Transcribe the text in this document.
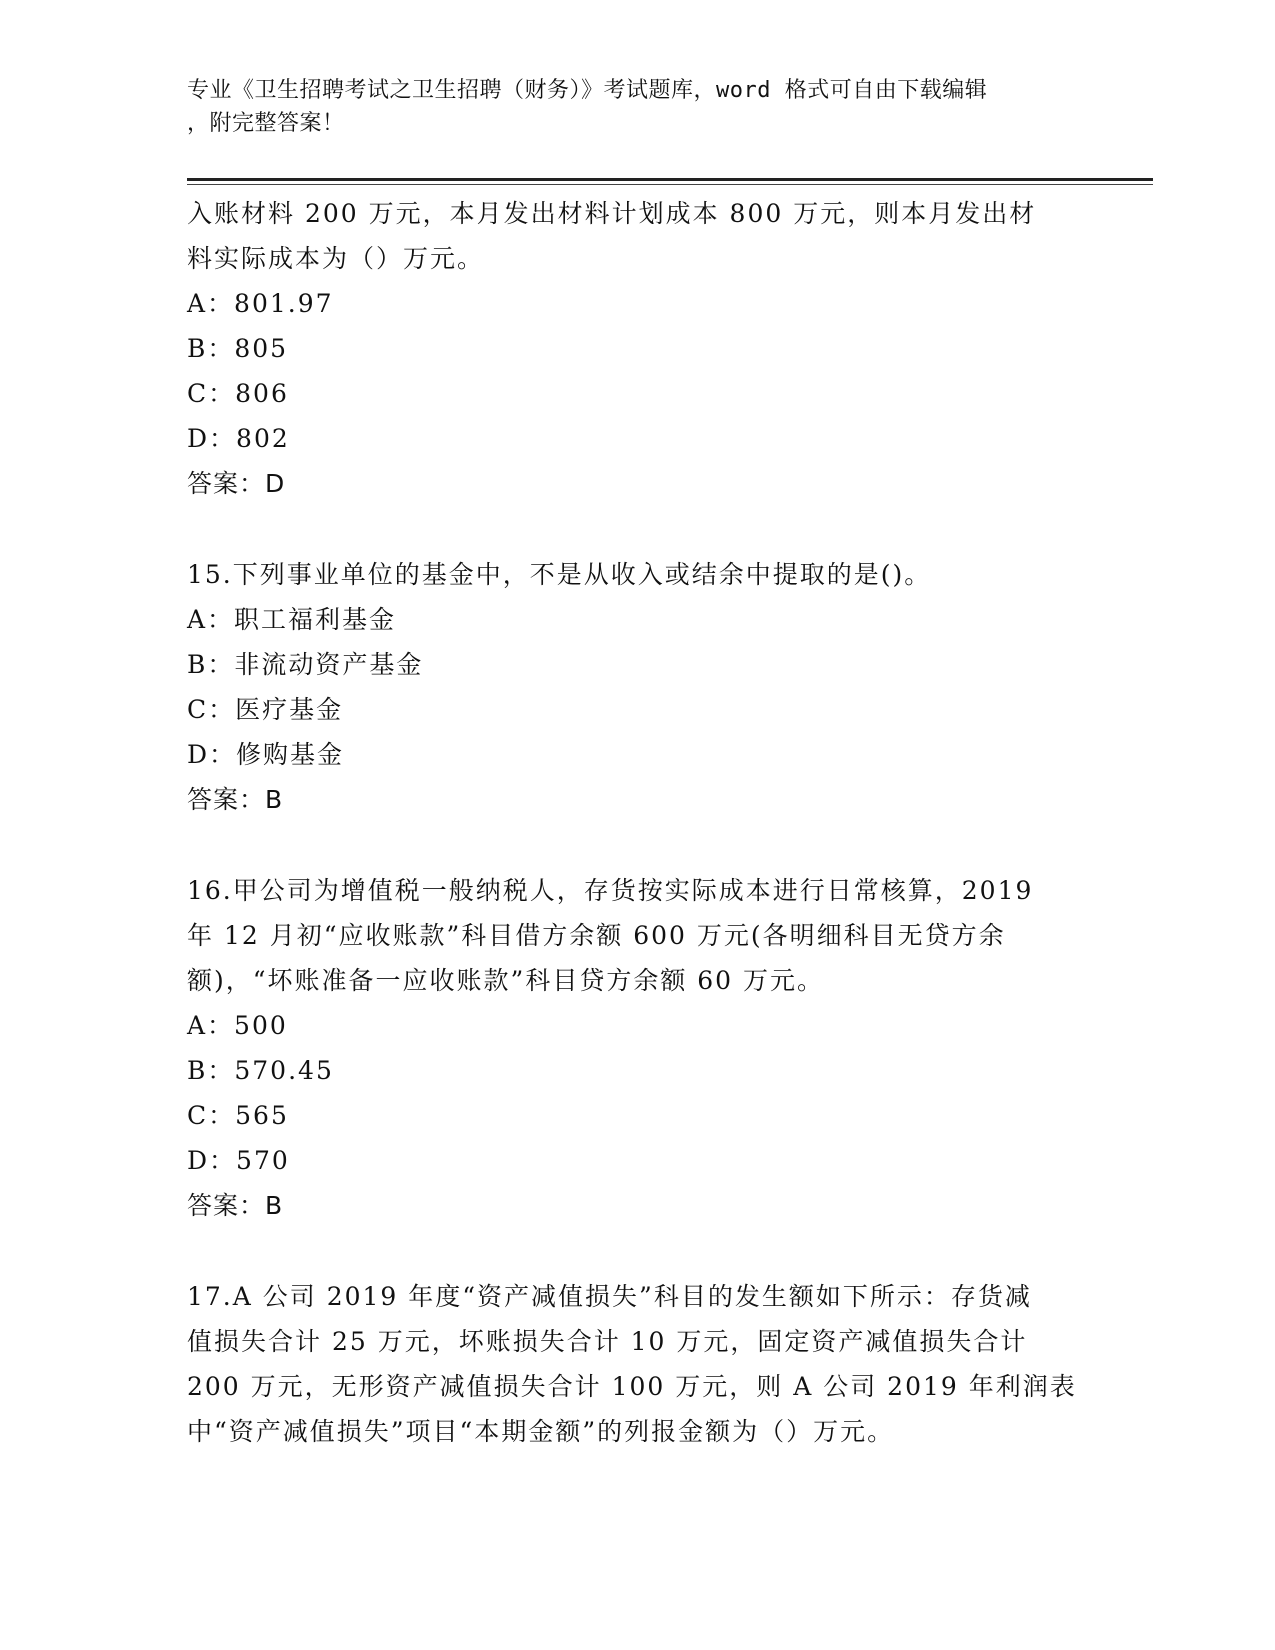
专业《卫生招聘考试之卫生招聘（财务）》考试题库，word 格式可自由下载编辑
，附完整答案！

入账材料 200 万元，本月发出材料计划成本 800 万元，则本月发出材
料实际成本为（）万元。

A：801.97

B：805

C：806

D：802

答案：D

15.下列事业单位的基金中，不是从收入或结余中提取的是()。

A：职工福利基金

B：非流动资产基金

C：医疗基金

D：修购基金

答案：B

16.甲公司为增值税一般纳税人，存货按实际成本进行日常核算，2019
年 12 月初“应收账款”科目借方余额 600 万元(各明细科目无贷方余
额)，“坏账准备一应收账款”科目贷方余额 60 万元。

A：500

B：570.45

C：565

D：570

答案：B

17.A 公司 2019 年度“资产减值损失”科目的发生额如下所示：存货减
值损失合计 25 万元，坏账损失合计 10 万元，固定资产减值损失合计
200 万元，无形资产减值损失合计 100 万元，则 A 公司 2019 年利润表
中“资产减值损失”项目“本期金额”的列报金额为（）万元。
